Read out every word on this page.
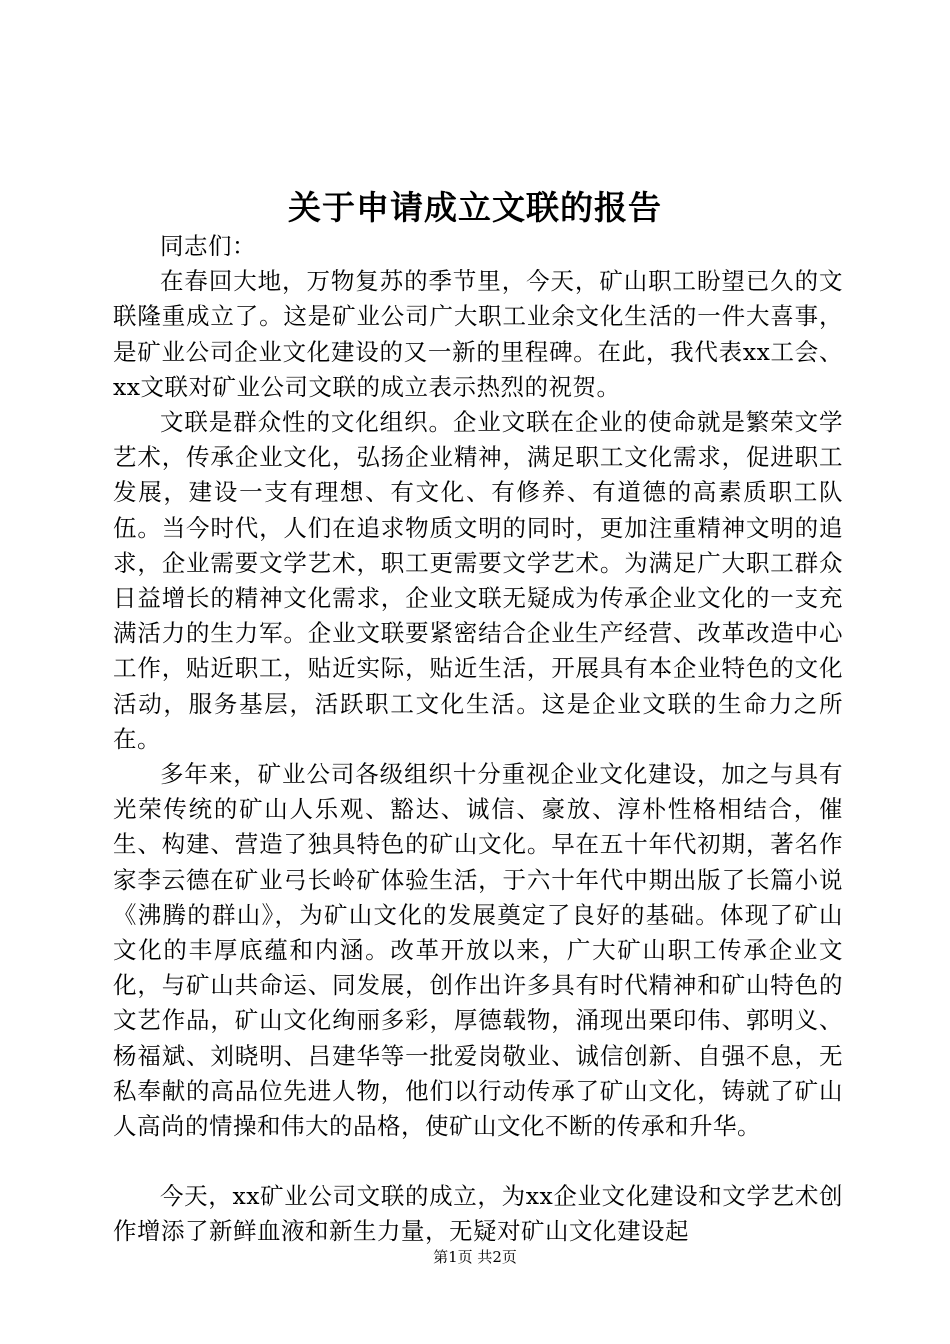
关于申请成立文联的报告

同志们：

在春回大地，万物复苏的季节里，今天，矿山职工盼望已久的文联隆重成立了。这是矿业公司广大职工业余文化生活的一件大喜事，是矿业公司企业文化建设的又一新的里程碑。在此，我代表xx工会、xx文联对矿业公司文联的成立表示热烈的祝贺。

文联是群众性的文化组织。企业文联在企业的使命就是繁荣文学艺术，传承企业文化，弘扬企业精神，满足职工文化需求，促进职工发展，建设一支有理想、有文化、有修养、有道德的高素质职工队伍。当今时代，人们在追求物质文明的同时，更加注重精神文明的追求，企业需要文学艺术，职工更需要文学艺术。为满足广大职工群众日益增长的精神文化需求，企业文联无疑成为传承企业文化的一支充满活力的生力军。企业文联要紧密结合企业生产经营、改革改造中心工作，贴近职工，贴近实际，贴近生活，开展具有本企业特色的文化活动，服务基层，活跃职工文化生活。这是企业文联的生命力之所在。

多年来，矿业公司各级组织十分重视企业文化建设，加之与具有光荣传统的矿山人乐观、豁达、诚信、豪放、淳朴性格相结合，催生、构建、营造了独具特色的矿山文化。早在五十年代初期，著名作家李云德在矿业弓长岭矿体验生活，于六十年代中期出版了长篇小说《沸腾的群山》，为矿山文化的发展奠定了良好的基础。体现了矿山文化的丰厚底蕴和内涵。改革开放以来，广大矿山职工传承企业文化，与矿山共命运、同发展，创作出许多具有时代精神和矿山特色的文艺作品，矿山文化绚丽多彩，厚德载物，涌现出栗印伟、郭明义、杨福斌、刘晓明、吕建华等一批爱岗敬业、诚信创新、自强不息，无私奉献的高品位先进人物，他们以行动传承了矿山文化，铸就了矿山人高尚的情操和伟大的品格，使矿山文化不断的传承和升华。

今天，xx矿业公司文联的成立，为xx企业文化建设和文学艺术创作增添了新鲜血液和新生力量，无疑对矿山文化建设起

第1页 共2页
